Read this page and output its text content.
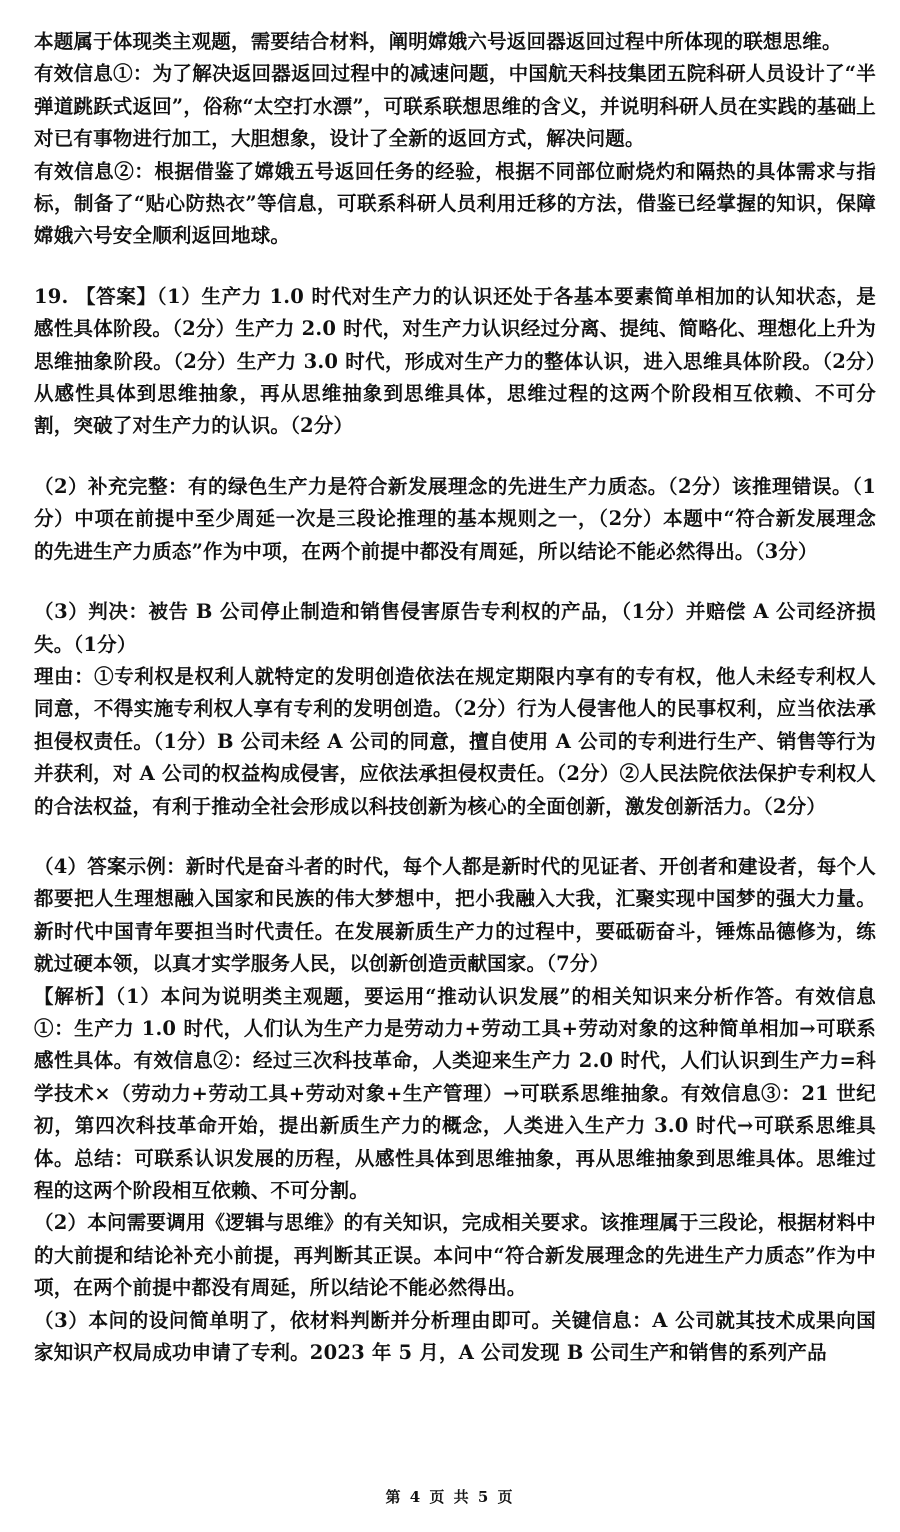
本题属于体现类主观题，需要结合材料，阐明嫦娥六号返回器返回过程中所体现的联想思维。

有效信息①：为了解决返回器返回过程中的减速问题，中国航天科技集团五院科研人员设计了“半弹道跳跃式返回”，俗称“太空打水漂”，可联系联想思维的含义，并说明科研人员在实践的基础上对已有事物进行加工，大胆想象，设计了全新的返回方式，解决问题。

有效信息②：根据借鉴了嫦娥五号返回任务的经验，根据不同部位耐烧灼和隔热的具体需求与指标，制备了“贴心防热衣”等信息，可联系科研人员利用迁移的方法，借鉴已经掌握的知识，保障嫦娥六号安全顺利返回地球。

19. 【答案】（1）生产力 1.0 时代对生产力的认识还处于各基本要素简单相加的认知状态，是感性具体阶段。（2分）生产力 2.0 时代，对生产力认识经过分离、提纯、简略化、理想化上升为思维抽象阶段。（2分）生产力 3.0 时代，形成对生产力的整体认识，进入思维具体阶段。（2分）从感性具体到思维抽象，再从思维抽象到思维具体，思维过程的这两个阶段相互依赖、不可分割，突破了对生产力的认识。（2分）

（2）补充完整：有的绿色生产力是符合新发展理念的先进生产力质态。（2分）该推理错误。（1分）中项在前提中至少周延一次是三段论推理的基本规则之一，（2分）本题中“符合新发展理念的先进生产力质态”作为中项，在两个前提中都没有周延，所以结论不能必然得出。（3分）

（3）判决：被告 B 公司停止制造和销售侵害原告专利权的产品，（1分）并赔偿 A 公司经济损失。（1分）

理由：①专利权是权利人就特定的发明创造依法在规定期限内享有的专有权，他人未经专利权人同意，不得实施专利权人享有专利的发明创造。（2分）行为人侵害他人的民事权利，应当依法承担侵权责任。（1分）B 公司未经 A 公司的同意，擅自使用 A 公司的专利进行生产、销售等行为并获利，对 A 公司的权益构成侵害，应依法承担侵权责任。（2分）②人民法院依法保护专利权人的合法权益，有利于推动全社会形成以科技创新为核心的全面创新，激发创新活力。（2分）

（4）答案示例：新时代是奋斗者的时代，每个人都是新时代的见证者、开创者和建设者，每个人都要把人生理想融入国家和民族的伟大梦想中，把小我融入大我，汇聚实现中国梦的强大力量。新时代中国青年要担当时代责任。在发展新质生产力的过程中，要砥砺奋斗，锤炼品德修为，练就过硬本领，以真才实学服务人民，以创新创造贡献国家。（7分）

【解析】（1）本问为说明类主观题，要运用“推动认识发展”的相关知识来分析作答。有效信息①：生产力 1.0 时代，人们认为生产力是劳动力+劳动工具+劳动对象的这种简单相加→可联系感性具体。有效信息②：经过三次科技革命，人类迎来生产力 2.0 时代，人们认识到生产力=科学技术×（劳动力+劳动工具+劳动对象+生产管理）→可联系思维抽象。有效信息③：21 世纪初，第四次科技革命开始，提出新质生产力的概念，人类进入生产力 3.0 时代→可联系思维具体。总结：可联系认识发展的历程，从感性具体到思维抽象，再从思维抽象到思维具体。思维过程的这两个阶段相互依赖、不可分割。

（2）本问需要调用《逻辑与思维》的有关知识，完成相关要求。该推理属于三段论，根据材料中的大前提和结论补充小前提，再判断其正误。本问中“符合新发展理念的先进生产力质态”作为中项，在两个前提中都没有周延，所以结论不能必然得出。

（3）本问的设问简单明了，依材料判断并分析理由即可。关键信息：A 公司就其技术成果向国家知识产权局成功申请了专利。2023 年 5 月，A 公司发现 B 公司生产和销售的系列产品

第 4 页 共 5 页
